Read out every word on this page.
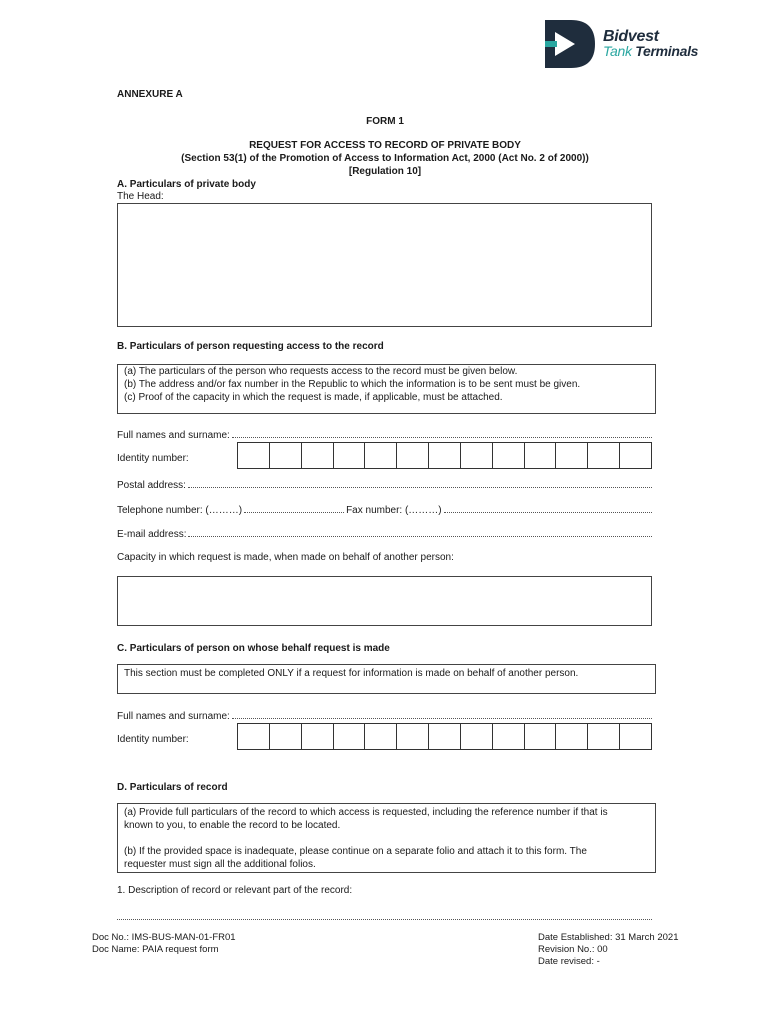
Bidvest
Tank Terminals
ANNEXURE A
FORM 1
REQUEST FOR ACCESS TO RECORD OF PRIVATE BODY
(Section 53(1) of the Promotion of Access to Information Act, 2000 (Act No. 2 of 2000))
[Regulation 10]
A. Particulars of private body
The Head:
B. Particulars of person requesting access to the record
(a) The particulars of the person who requests access to the record must be given below.
(b) The address and/or fax number in the Republic to which the information is to be sent must be given.
(c) Proof of the capacity in which the request is made, if applicable, must be attached.
Full names and surname:
Identity number:
Postal address:
Telephone number: (………)	Fax number: (………)
E-mail address:
Capacity in which request is made, when made on behalf of another person:
C. Particulars of person on whose behalf request is made
This section must be completed ONLY if a request for information is made on behalf of another person.
Full names and surname:
Identity number:
D. Particulars of record
(a) Provide full particulars of the record to which access is requested, including the reference number if that is
known to you, to enable the record to be located.
(b) If the provided space is inadequate, please continue on a separate folio and attach it to this form. The
requester must sign all the additional folios.
1. Description of record or relevant part of the record:
Doc No.: IMS-BUS-MAN-01-FR01
Doc Name: PAIA request form
Date Established: 31 March 2021
Revision No.: 00
Date revised: -
